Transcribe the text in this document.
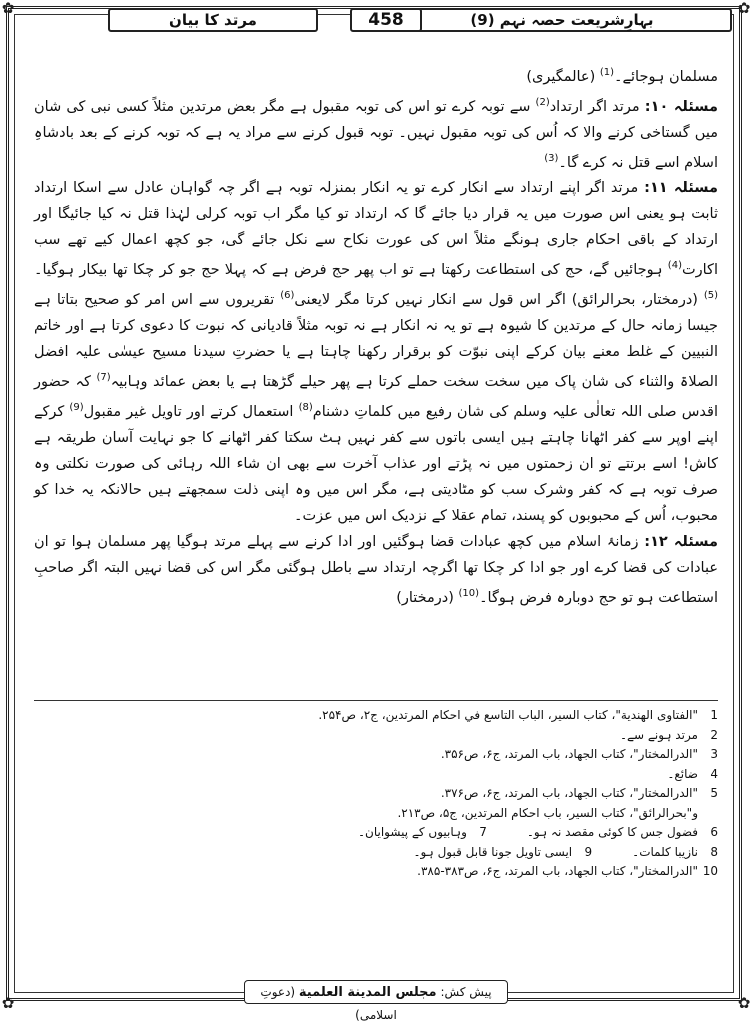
✿	✿
✿	✿
بہارِشریعت حصہ نہم (9)
458
مرتد کا بیان

مسلمان ہوجائے۔$^{(1)}$ (عالمگیری)

مسئلہ ۱۰: مرتد اگر ارتداد$^{(2)}$ سے توبہ کرے تو اس کی توبہ مقبول ہے مگر بعض مرتدین مثلاً کسی نبی کی شان میں گستاخی کرنے والا کہ اُس کی توبہ مقبول نہیں۔ توبہ قبول کرنے سے مراد یہ ہے کہ توبہ کرنے کے بعد بادشاہِ اسلام اسے قتل نہ کرے گا۔$^{(3)}$

مسئلہ ۱۱: مرتد اگر اپنے ارتداد سے انکار کرے تو یہ انکار بمنزلہ توبہ ہے اگر چہ گواہان عادل سے اسکا ارتداد ثابت ہو یعنی اس صورت میں یہ قرار دیا جائے گا کہ ارتداد تو کیا مگر اب توبہ کرلی لہٰذا قتل نہ کیا جائیگا اور ارتداد کے باقی احکام جاری ہونگے مثلاً اس کی عورت نکاح سے نکل جائے گی، جو کچھ اعمال کیے تھے سب اکارت$^{(4)}$ ہوجائیں گے، حج کی استطاعت رکھتا ہے تو اب پھر حج فرض ہے کہ پہلا حج جو کر چکا تھا بیکار ہوگیا۔$^{(5)}$ (درمختار، بحرالرائق) اگر اس قول سے انکار نہیں کرتا مگر لایعنی$^{(6)}$ تقریروں سے اس امر کو صحیح بتاتا ہے جیسا زمانہ حال کے مرتدین کا شیوہ ہے تو یہ نہ انکار ہے نہ توبہ مثلاً قادیانی کہ نبوت کا دعوی کرتا ہے اور خاتم النبیین کے غلط معنے بیان کرکے اپنی نبوّت کو برقرار رکھنا چاہتا ہے یا حضرتِ سیدنا مسیح عیسٰی علیہ افضل الصلاۃ والثناء کی شان پاک میں سخت سخت حملے کرتا ہے پھر حیلے گڑھتا ہے یا بعض عمائد وہابیہ$^{(7)}$ کہ حضور اقدس صلی اللہ تعالٰی علیہ وسلم کی شان رفیع میں کلماتِ دشنام$^{(8)}$ استعمال کرتے اور تاویل غیر مقبول$^{(9)}$ کرکے اپنے اوپر سے کفر اٹھانا چاہتے ہیں ایسی باتوں سے کفر نہیں ہٹ سکتا کفر اٹھانے کا جو نہایت آسان طریقہ ہے کاش! اسے برتتے تو ان زحمتوں میں نہ پڑتے اور عذاب آخرت سے بھی ان شاء اللہ رہائی کی صورت نکلتی وہ صرف توبہ ہے کہ کفر وشرک سب کو مٹادیتی ہے، مگر اس میں وہ اپنی ذلت سمجھتے ہیں حالانکہ یہ خدا کو محبوب، اُس کے محبوبوں کو پسند، تمام عقلا کے نزدیک اس میں عزت۔

مسئلہ ۱۲: زمانۂ اسلام میں کچھ عبادات قضا ہوگئیں اور ادا کرنے سے پہلے مرتد ہوگیا پھر مسلمان ہوا تو ان عبادات کی قضا کرے اور جو ادا کر چکا تھا اگرچہ ارتداد سے باطل ہوگئی مگر اس کی قضا نہیں البتہ اگر صاحبِ استطاعت ہو تو حج دوبارہ فرض ہوگا۔$^{(10)}$ (درمختار)

1
"الفتاوى الهندية"، كتاب السير، الباب التاسع في احكام المرتدين، ج۲، ص۲۵۴.
2
مرتد ہونے سے۔
3
"الدرالمختار"، كتاب الجهاد، باب المرتد، ج۶، ص۳۵۶.
4
ضائع۔
5
"الدرالمختار"، كتاب الجهاد، باب المرتد، ج۶، ص۳۷۶.
و"بحرالرائق"، كتاب السير، باب احكام المرتدين، ج۵، ص۲۱۳.
6
فضول جس کا کوئی مقصد نہ ہو۔
7
وہابیوں کے پیشوایان۔
8
نازیبا کلمات۔
9
ایسی تاویل جونا قابل قبول ہو۔
10
"الدرالمختار"، كتاب الجهاد، باب المرتد، ج۶، ص۳۸۳-۳۸۵.
پیش کش: مجلس المدينة العلمية (دعوتِ اسلامی)
